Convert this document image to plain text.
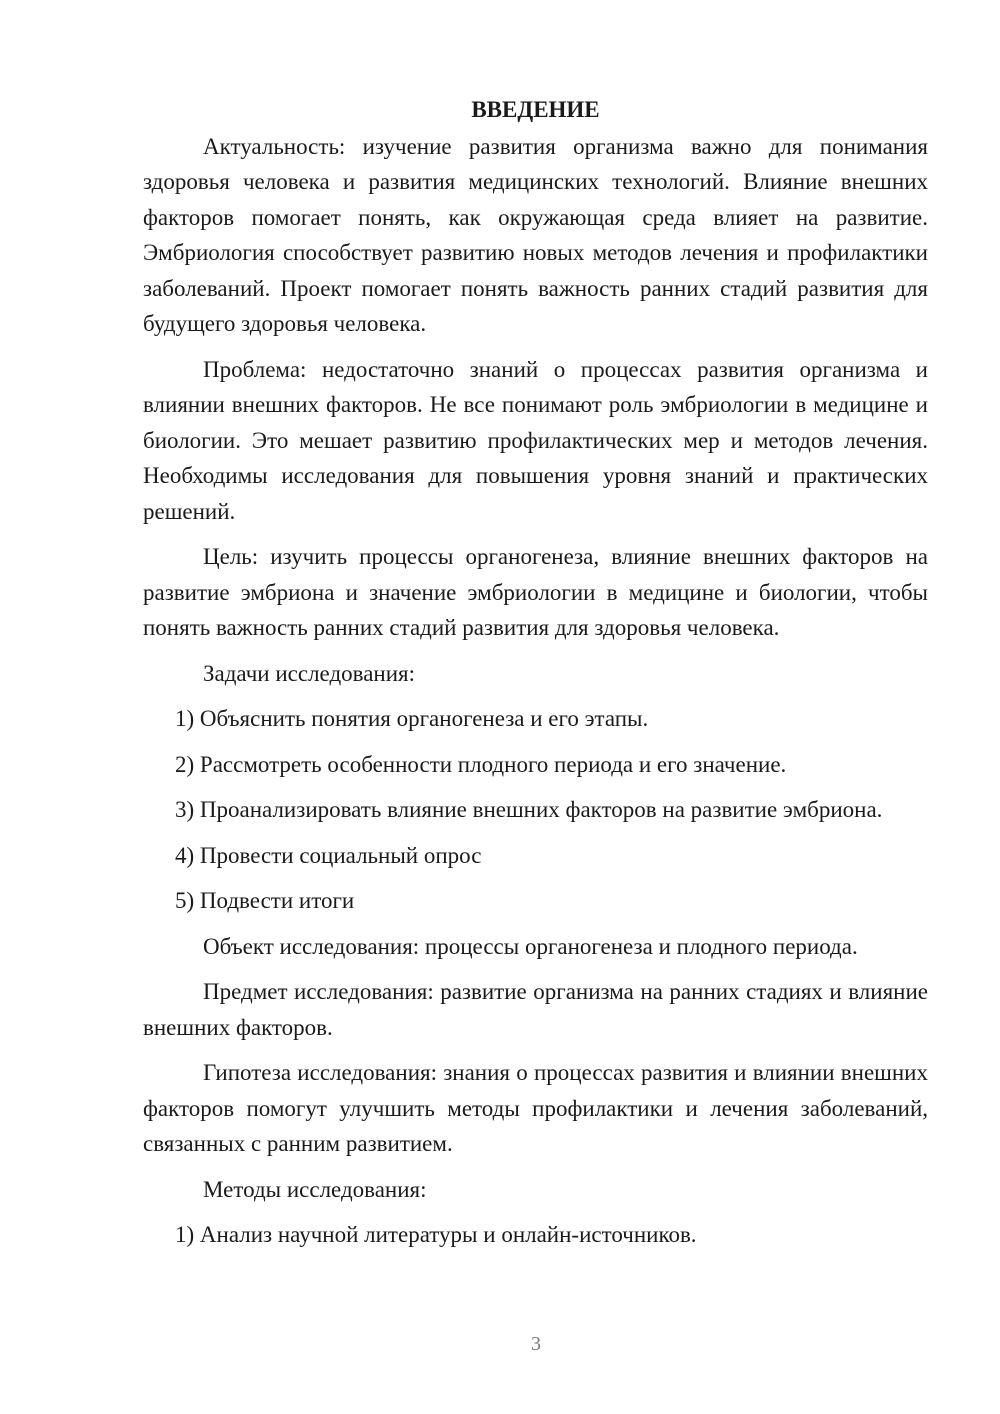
ВВЕДЕНИЕ

Актуальность: изучение развития организма важно для понимания здоровья человека и развития медицинских технологий. Влияние внешних факторов помогает понять, как окружающая среда влияет на развитие. Эмбриология способствует развитию новых методов лечения и профилактики заболеваний. Проект помогает понять важность ранних стадий развития для будущего здоровья человека.

Проблема: недостаточно знаний о процессах развития организма и влиянии внешних факторов. Не все понимают роль эмбриологии в медицине и биологии. Это мешает развитию профилактических мер и методов лечения. Необходимы исследования для повышения уровня знаний и практических решений.

Цель: изучить процессы органогенеза, влияние внешних факторов на развитие эмбриона и значение эмбриологии в медицине и биологии, чтобы понять важность ранних стадий развития для здоровья человека.

Задачи исследования:

1) Объяснить понятия органогенеза и его этапы.

2) Рассмотреть особенности плодного периода и его значение.

3) Проанализировать влияние внешних факторов на развитие эмбриона.

4) Провести социальный опрос

5) Подвести итоги

Объект исследования: процессы органогенеза и плодного периода.

Предмет исследования: развитие организма на ранних стадиях и влияние внешних факторов.

Гипотеза исследования: знания о процессах развития и влиянии внешних факторов помогут улучшить методы профилактики и лечения заболеваний, связанных с ранним развитием.

Методы исследования:

1) Анализ научной литературы и онлайн-источников.

3
